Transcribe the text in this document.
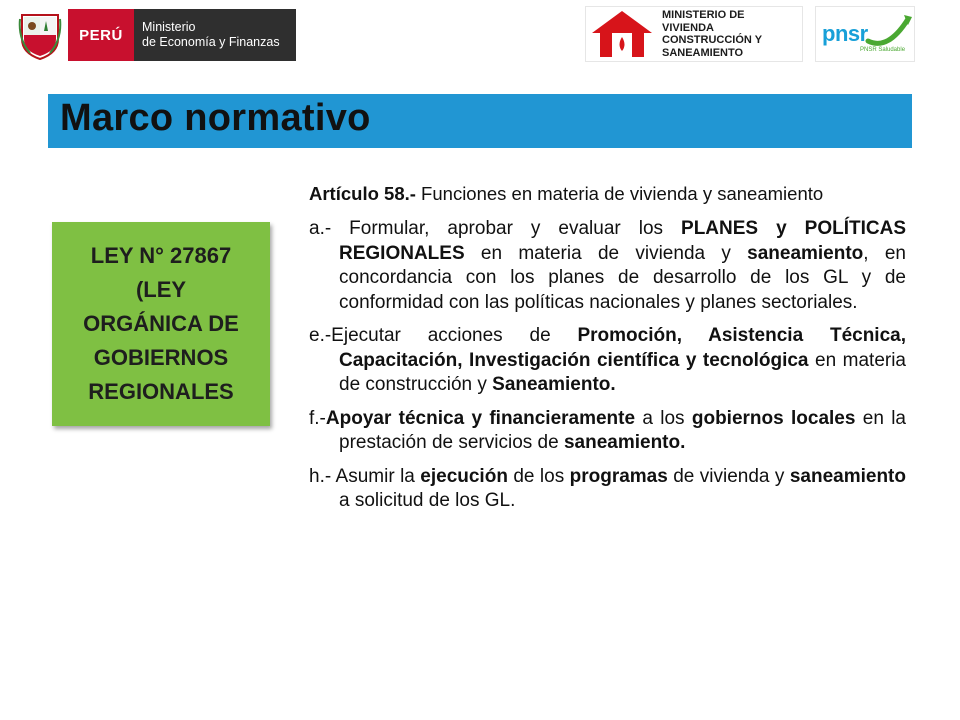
PERÚ	Ministerio
de Economía y Finanzas
MINISTERIO DE
VIVIENDA
CONSTRUCCIÓN Y
SANEAMIENTO
pnsr
PNSR Saludable
Marco normativo
LEY N° 27867
(LEY
ORGÁNICA DE
GOBIERNOS
REGIONALES

Artículo 58.- Funciones en materia de vivienda y saneamiento

a.- Formular, aprobar y evaluar los PLANES y POLÍTICAS REGIONALES en materia de vivienda y saneamiento, en concordancia con los planes de desarrollo de los GL y de conformidad con las políticas nacionales y planes sectoriales.

e.-Ejecutar acciones de Promoción, Asistencia Técnica, Capacitación, Investigación científica y tecnológica en materia de construcción y Saneamiento.

f.-Apoyar técnica y financieramente a los gobiernos locales en la prestación de servicios de saneamiento.

h.- Asumir la ejecución de los programas de vivienda y saneamiento a solicitud de los GL.
